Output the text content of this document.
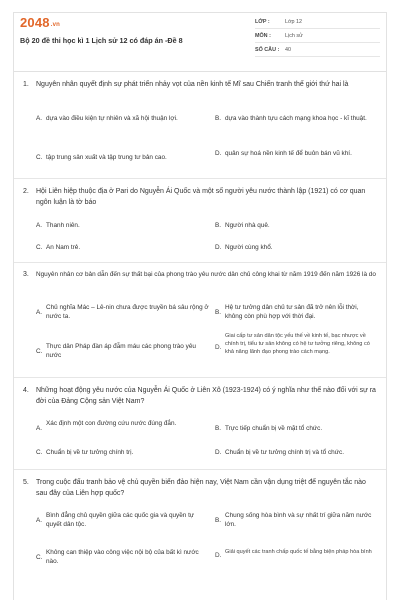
2048.vn
Bộ 20 đề thi học kì 1 Lịch sử 12 có đáp án -Đề 8
LỚP :	Lớp 12
MÔN :	Lịch sử
SỐ CÂU :	40
1.	Nguyên nhân quyết định sự phát triển nhảy vọt của nền kinh tế Mĩ sau Chiến tranh thế giới thứ hai là
A. dựa vào điều kiện tự nhiên và xã hội thuận lợi.	B. dựa vào thành tựu cách mạng khoa học - kĩ thuật.
C. tập trung sản xuất và tập trung tư bản cao.
D. quân sự hoá nền kinh tế để buôn bán vũ khí.
2.	Hội Liên hiệp thuộc địa ở Pari do Nguyễn Ái Quốc và một số người yêu nước thành lập (1921) có cơ quan ngôn luận là tờ báo
A. Thanh niên.	B. Người nhà quê.
C. An Nam trẻ.	D. Người cùng khổ.
3.	Nguyên nhân cơ bản dẫn đến sự thất bại của phong trào yêu nước dân chủ công khai từ năm 1919 đến năm 1926 là do
A.
Chủ nghĩa Mác – Lê-nin chưa được truyền bá sâu rộng ở nước ta.
B.
Hệ tư tưởng dân chủ tư sản đã trở nên lỗi thời, không còn phù hợp với thời đại.
C.
Thực dân Pháp đàn áp đẫm máu các phong trào yêu nước
D.
Giai cấp tư sản dân tộc yếu thế về kinh tế, bạc nhược về chính trị, tiểu tư sản không có hệ tư tưởng riêng, không có khả năng lãnh đạo phong trào cách mạng.
4.	Những hoạt động yêu nước của Nguyễn Ái Quốc ở Liên Xô (1923-1924) có ý nghĩa như thế nào đối với sự ra đời của Đảng Cộng sản Việt Nam?
A.
Xác định một con đường cứu nước đúng đắn.
B. Trực tiếp chuẩn bị về mặt tổ chức.
C. Chuẩn bị về tư tưởng chính trị.	D. Chuẩn bị về tư tưởng chính trị và tổ chức.
5.	Trong cuộc đấu tranh bảo vệ chủ quyền biển đảo hiện nay, Việt Nam cần vận dụng triệt để nguyên tắc nào sau đây của Liên hợp quốc?
A.
Bình đẳng chủ quyền giữa các quốc gia và quyền tự quyết dân tộc.
B.
Chung sống hòa bình và sự nhất trí giữa năm nước lớn.
C.
Không can thiệp vào công việc nội bộ của bất kì nước nào.
D. Giải quyết các tranh chấp quốc tế bằng biện pháp hòa bình
